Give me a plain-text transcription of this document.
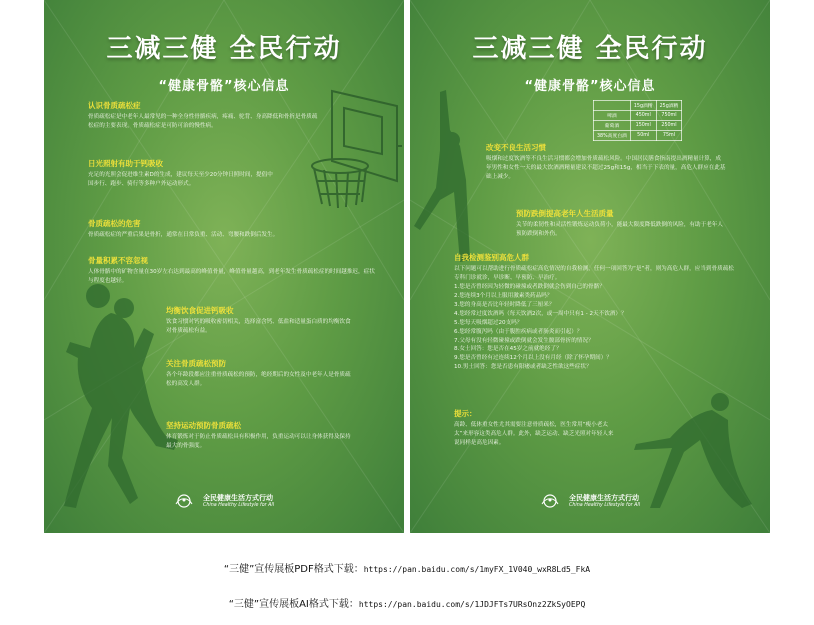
三减三健 全民行动
“健康骨骼”核心信息
认识骨质疏松症
骨质疏松症是中老年人最常见的一种全身性骨骼疾病，疼痛、驼背、身高降低和骨折是骨质疏松症的主要表现，骨质疏松症是可防可治的慢性病。
日光照射有助于钙吸收
充足的光照会促进维生素D的生成，建议每天至少20分钟日照时间，提倡中国步行、跑步、骑行等多种户外运动形式。
骨质疏松的危害
骨质疏松症的严重后果是骨折，通常在日常负重、活动、弯腰和跌倒后发生。
骨量积累不容忽视
人体骨骼中的矿物含量在30岁左右达到最高的峰值骨量，峰值骨量越高，到老年发生骨质疏松症的时间越推迟，症状与程度也越轻。
均衡饮食促进钙吸收
饮食习惯对钙的吸收密切相关，选择富含钙、低盐和适量蛋白质的均衡饮食对骨质疏松有益。
关注骨质疏松预防
各个年龄段都应注重骨质疏松的预防，绝经期后的女性及中老年人是骨质疏松的高发人群。
坚持运动预防骨质疏松
体育锻炼对于防止骨质疏松具有积极作用，负重运动可以让身体获得及保持最大的骨强度。

全民健康生活方式行动
China Healthy Lifestyle for All
三减三健 全民行动
“健康骨骼”核心信息
	15g酒精	25g酒精
啤酒	450ml	750ml
葡萄酒	150ml	250ml
38%高度白酒	50ml	75ml
改变不良生活习惯
吸烟和过度饮酒等不良生活习惯都会增加骨质疏松风险。中国居民膳食指南提出酒精量计算，成年男性和女性一天的最大饮酒酒精量建议不超过25g和15g，相当于下表的量，高危人群应在此基础上减少。
预防跌倒提高老年人生活质量
关节的柔韧性和灵活性锻炼运动负荷小，能最大限度降低跌倒的风险，有助于老年人预防跌倒和外伤。
自我检测鉴别高危人群
以下问题可以帮助进行骨质疏松症高危情况的自我检测，任何一项回答为“是”者，则为高危人群，应当到骨质疏松专科门诊就诊，早诊断、早预防、早治疗。
1.您是否曾经因为轻微的碰撞或者跌倒就会伤到自己的骨骼？
2.您连续3个月以上服用激素类药品吗？
3.您的身高是否比年轻时降低了三厘米？
4.您经常过度饮酒吗（每天饮酒2次，或一周中只有1 - 2天不饮酒）？
5.您每天吸烟超过20支吗？
6.您经常腹泻吗（由于腹腔疾病或者肠炎而引起）？
7.父母有没有轻微碰撞或跌倒就会发生髋部骨折的情况？
8.女士回答：您是否在45岁之前就绝经了？
9.您是否曾经有过连续12个月以上没有月经（除了怀孕期间）？
10.男士回答：您是否患有阳痿或者缺乏性欲这些症状？
提示：
高龄、低体重女性尤其需要注意骨质疏松，医生常用“瘦小老太太”来形容这类高危人群。此外，缺乏运动、缺乏光照对年轻人来说同样是高危因素。

全民健康生活方式行动
China Healthy Lifestyle for All
“三健”宣传展板PDF格式下载：https://pan.baidu.com/s/1myFX_1V040_wxR8Ld5_FkA
“三健”宣传展板AI格式下载：https://pan.baidu.com/s/1JDJFTs7URsOnz2ZkSyOEPQ
